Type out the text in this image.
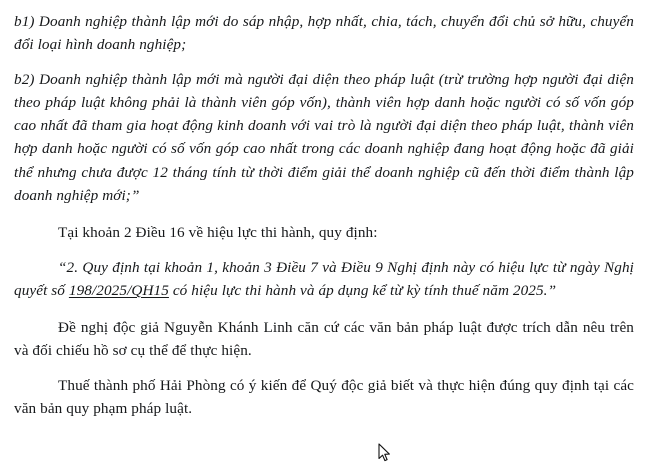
b1) Doanh nghiệp thành lập mới do sáp nhập, hợp nhất, chia, tách, chuyển đổi chủ sở hữu, chuyển đổi loại hình doanh nghiệp;

b2) Doanh nghiệp thành lập mới mà người đại diện theo pháp luật (trừ trường hợp người đại diện theo pháp luật không phải là thành viên góp vốn), thành viên hợp danh hoặc người có số vốn góp cao nhất đã tham gia hoạt động kinh doanh với vai trò là người đại diện theo pháp luật, thành viên hợp danh hoặc người có số vốn góp cao nhất trong các doanh nghiệp đang hoạt động hoặc đã giải thể nhưng chưa được 12 tháng tính từ thời điểm giải thể doanh nghiệp cũ đến thời điểm thành lập doanh nghiệp mới;”

Tại khoản 2 Điều 16 về hiệu lực thi hành, quy định:

“2. Quy định tại khoản 1, khoản 3 Điều 7 và Điều 9 Nghị định này có hiệu lực từ ngày Nghị quyết số 198/2025/QH15 có hiệu lực thi hành và áp dụng kể từ kỳ tính thuế năm 2025.”

Đề nghị độc giả Nguyễn Khánh Linh căn cứ các văn bản pháp luật được trích dẫn nêu trên và đối chiếu hồ sơ cụ thể để thực hiện.

Thuế thành phố Hải Phòng có ý kiến để Quý độc giả biết và thực hiện đúng quy định tại các văn bản quy phạm pháp luật.
